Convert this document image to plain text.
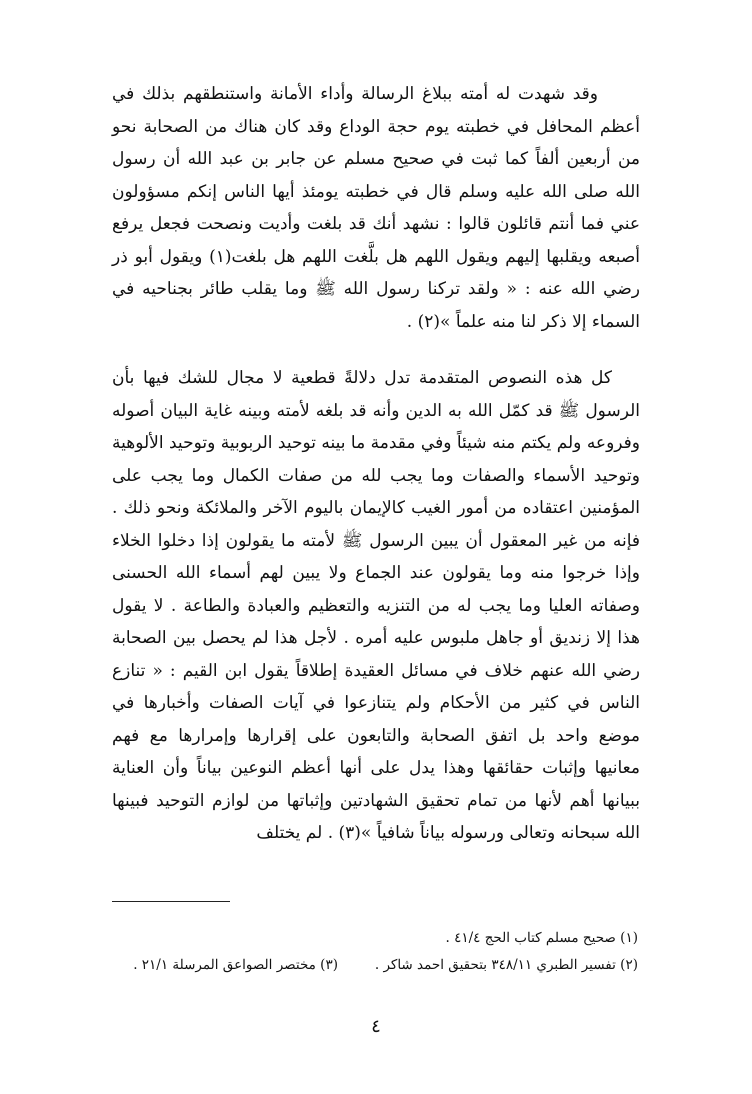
وقد شهدت له أمته ببلاغ الرسالة وأداء الأمانة واستنطقهم بذلك في أعظم المحافل في خطبته يوم حجة الوداع وقد كان هناك من الصحابة نحو من أربعين ألفاً كما ثبت في صحيح مسلم عن جابر بن عبد الله أن رسول الله صلى الله عليه وسلم قال في خطبته يومئذ أيها الناس إنكم مسؤولون عني فما أنتم قائلون قالوا : نشهد أنك قد بلغت وأديت ونصحت فجعل يرفع أصبعه ويقلبها إليهم ويقول اللهم هل بلَّغت اللهم هل بلغت(١) ويقول أبو ذر رضي الله عنه : « ولقد تركنا رسول الله ﷺ وما يقلب طائر بجناحيه في السماء إلا ذكر لنا منه علماً »(٢) .

كل هذه النصوص المتقدمة تدل دلالةً قطعية لا مجال للشك فيها بأن الرسول ﷺ قد كمّل الله به الدين وأنه قد بلغه لأمته وبينه غاية البيان أصوله وفروعه ولم يكتم منه شيئاً وفي مقدمة ما بينه توحيد الربوبية وتوحيد الألوهية وتوحيد الأسماء والصفات وما يجب لله من صفات الكمال وما يجب على المؤمنين اعتقاده من أمور الغيب كالإيمان باليوم الآخر والملائكة ونحو ذلك . فإنه من غير المعقول أن يبين الرسول ﷺ لأمته ما يقولون إذا دخلوا الخلاء وإذا خرجوا منه وما يقولون عند الجماع ولا يبين لهم أسماء الله الحسنى وصفاته العليا وما يجب له من التنزيه والتعظيم والعبادة والطاعة . لا يقول هذا إلا زنديق أو جاهل ملبوس عليه أمره . لأجل هذا لم يحصل بين الصحابة رضي الله عنهم خلاف في مسائل العقيدة إطلاقاً يقول ابن القيم : « تنازع الناس في كثير من الأحكام ولم يتنازعوا في آيات الصفات وأخبارها في موضع واحد بل اتفق الصحابة والتابعون على إقرارها وإمرارها مع فهم معانيها وإثبات حقائقها وهذا يدل على أنها أعظم النوعين بياناً وأن العناية ببيانها أهم لأنها من تمام تحقيق الشهادتين وإثباتها من لوازم التوحيد فبينها الله سبحانه وتعالى ورسوله بياناً شافياً »(٣) . لم يختلف

(١) صحيح مسلم كتاب الحج ٤١/٤ .
(٢) تفسير الطبري ٣٤٨/١١ بتحقيق احمد شاكر .
(٣) مختصر الصواعق المرسلة ٢١/١ .
٤
